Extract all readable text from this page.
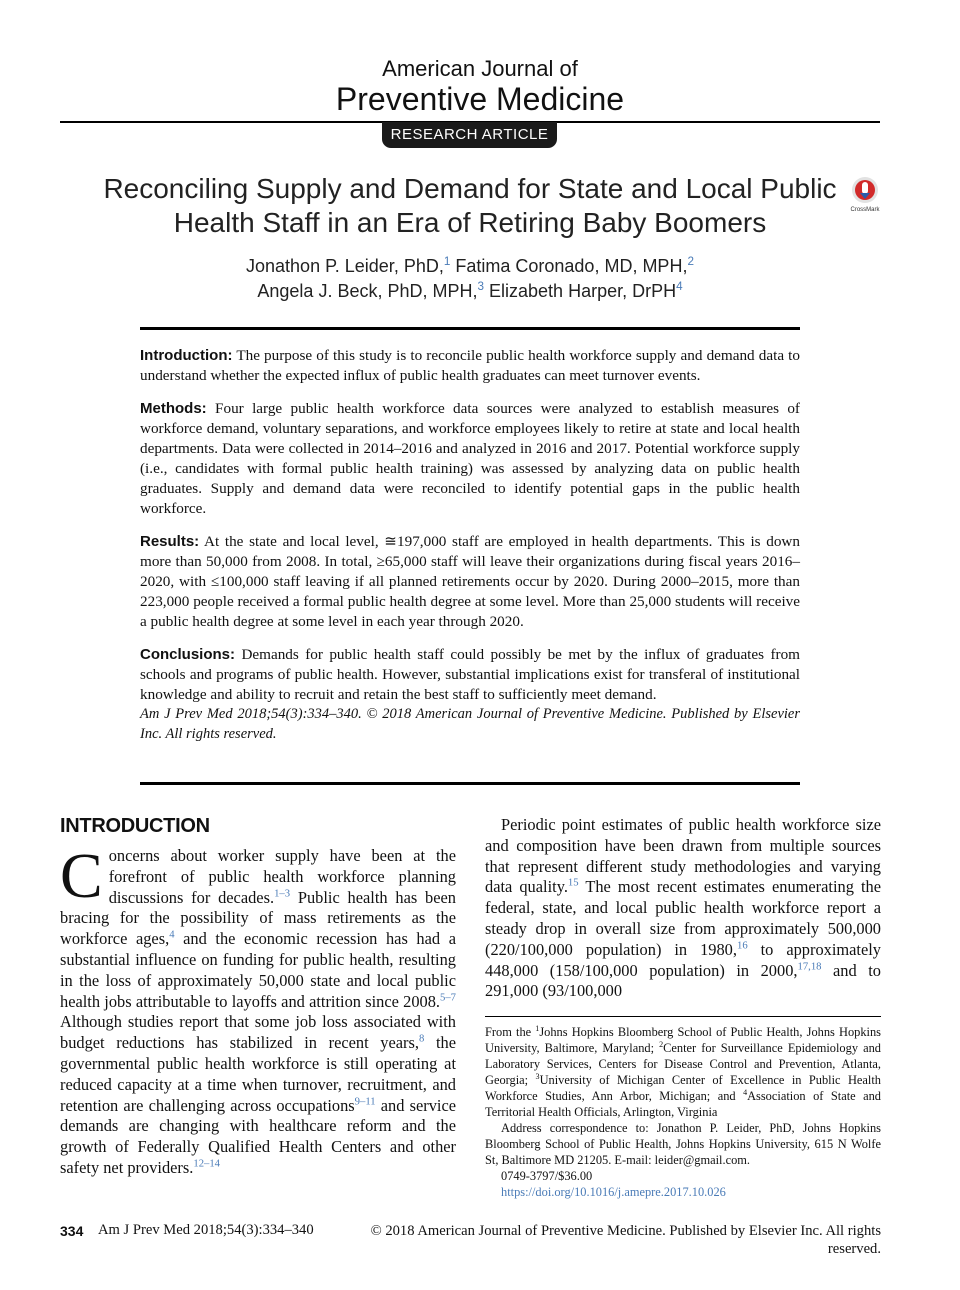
American Journal of
Preventive Medicine
RESEARCH ARTICLE
Reconciling Supply and Demand for State and Local Public Health Staff in an Era of Retiring Baby Boomers	CrossMark
Jonathon P. Leider, PhD,$^1$ Fatima Coronado, MD, MPH,$^2$
Angela J. Beck, PhD, MPH,$^3$ Elizabeth Harper, DrPH$^4$

Introduction: The purpose of this study is to reconcile public health workforce supply and demand data to understand whether the expected influx of public health graduates can meet turnover events.

Methods: Four large public health workforce data sources were analyzed to establish measures of workforce demand, voluntary separations, and workforce employees likely to retire at state and local health departments. Data were collected in 2014–2016 and analyzed in 2016 and 2017. Potential workforce supply (i.e., candidates with formal public health training) was assessed by analyzing data on public health graduates. Supply and demand data were reconciled to identify potential gaps in the public health workforce.

Results: At the state and local level, ≅197,000 staff are employed in health departments. This is down more than 50,000 from 2008. In total, ≥65,000 staff will leave their organizations during fiscal years 2016–2020, with ≤100,000 staff leaving if all planned retirements occur by 2020. During 2000–2015, more than 223,000 people received a formal public health degree at some level. More than 25,000 students will receive a public health degree at some level in each year through 2020.

Conclusions: Demands for public health staff could possibly be met by the influx of graduates from schools and programs of public health. However, substantial implications exist for transferal of institutional knowledge and ability to recruit and retain the best staff to sufficiently meet demand.

Am J Prev Med 2018;54(3):334–340. © 2018 American Journal of Preventive Medicine. Published by Elsevier Inc. All rights reserved.

INTRODUCTION
Concerns about worker supply have been at the forefront of public health workforce planning discussions for decades.$^{1-3}$ Public health has been bracing for the possibility of mass retirements as the workforce ages,$^4$ and the economic recession has had a substantial influence on funding for public health, resulting in the loss of approximately 50,000 state and local public health jobs attributable to layoffs and attrition since 2008.$^{5-7}$ Although studies report that some job loss associated with budget reductions has stabilized in recent years,$^8$ the governmental public health workforce is still operating at reduced capacity at a time when turnover, recruitment, and retention are challenging across occupations$^{9-11}$ and service demands are changing with healthcare reform and the growth of Federally Qualified Health Centers and other safety net providers.$^{12-14}$
Periodic point estimates of public health workforce size and composition have been drawn from multiple sources that represent different study methodologies and varying data quality.$^{15}$ The most recent estimates enumerating the federal, state, and local public health workforce report a steady drop in overall size from approximately 500,000 (220/100,000 population) in 1980,16 to approximately 448,000 (158/100,000 population) in 2000,$^{17,18}$ and to 291,000 (93/100,000

From the $^1$Johns Hopkins Bloomberg School of Public Health, Johns Hopkins University, Baltimore, Maryland; $^2$Center for Surveillance Epidemiology and Laboratory Services, Centers for Disease Control and Prevention, Atlanta, Georgia; $^3$University of Michigan Center of Excellence in Public Health Workforce Studies, Ann Arbor, Michigan; and $^4$Association of State and Territorial Health Officials, Arlington, Virginia

Address correspondence to: Jonathon P. Leider, PhD, Johns Hopkins Bloomberg School of Public Health, Johns Hopkins University, 615 N Wolfe St, Baltimore MD 21205. E-mail: leider@gmail.com.

0749-3797/$36.00

https://doi.org/10.1016/j.amepre.2017.10.026

334 Am J Prev Med 2018;54(3):334–340	© 2018 American Journal of Preventive Medicine. Published by Elsevier Inc. All rights reserved.
